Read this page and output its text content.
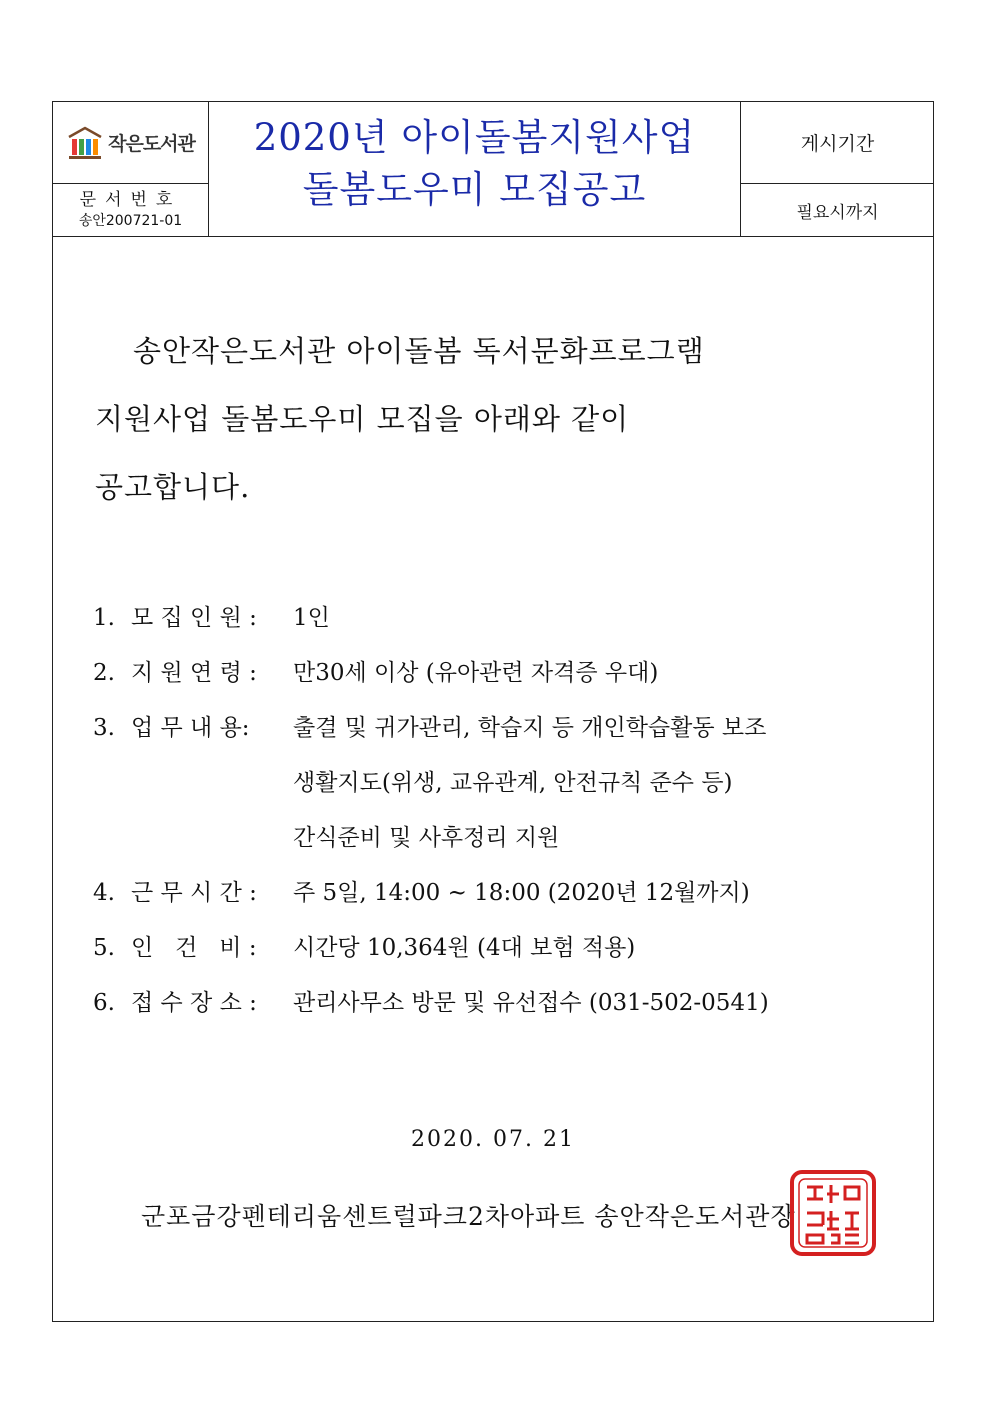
작은도서관
문서번호
송안200721-01
2020년 아이돌봄지원사업
돌봄도우미 모집공고
게시기간
필요시까지
송안작은도서관 아이돌봄 독서문화프로그램
지원사업 돌봄도우미 모집을 아래와 같이
공고합니다.
1. 모 집 인 원 : 1인
2. 지 원 연 령 : 만30세 이상 (유아관련 자격증 우대)
3. 업 무 내 용: 출결 및 귀가관리, 학습지 등 개인학습활동 보조
생활지도(위생, 교유관계, 안전규칙 준수 등)
간식준비 및 사후정리 지원
4. 근 무 시 간 : 주 5일, 14:00 ~ 18:00 (2020년 12월까지)
5. 인   건   비 : 시간당 10,364원 (4대 보험 적용)
6. 접 수 장 소 : 관리사무소 방문 및 유선접수 (031-502-0541)
2020. 07. 21
군포금강펜테리움센트럴파크2차아파트 송안작은도서관장
